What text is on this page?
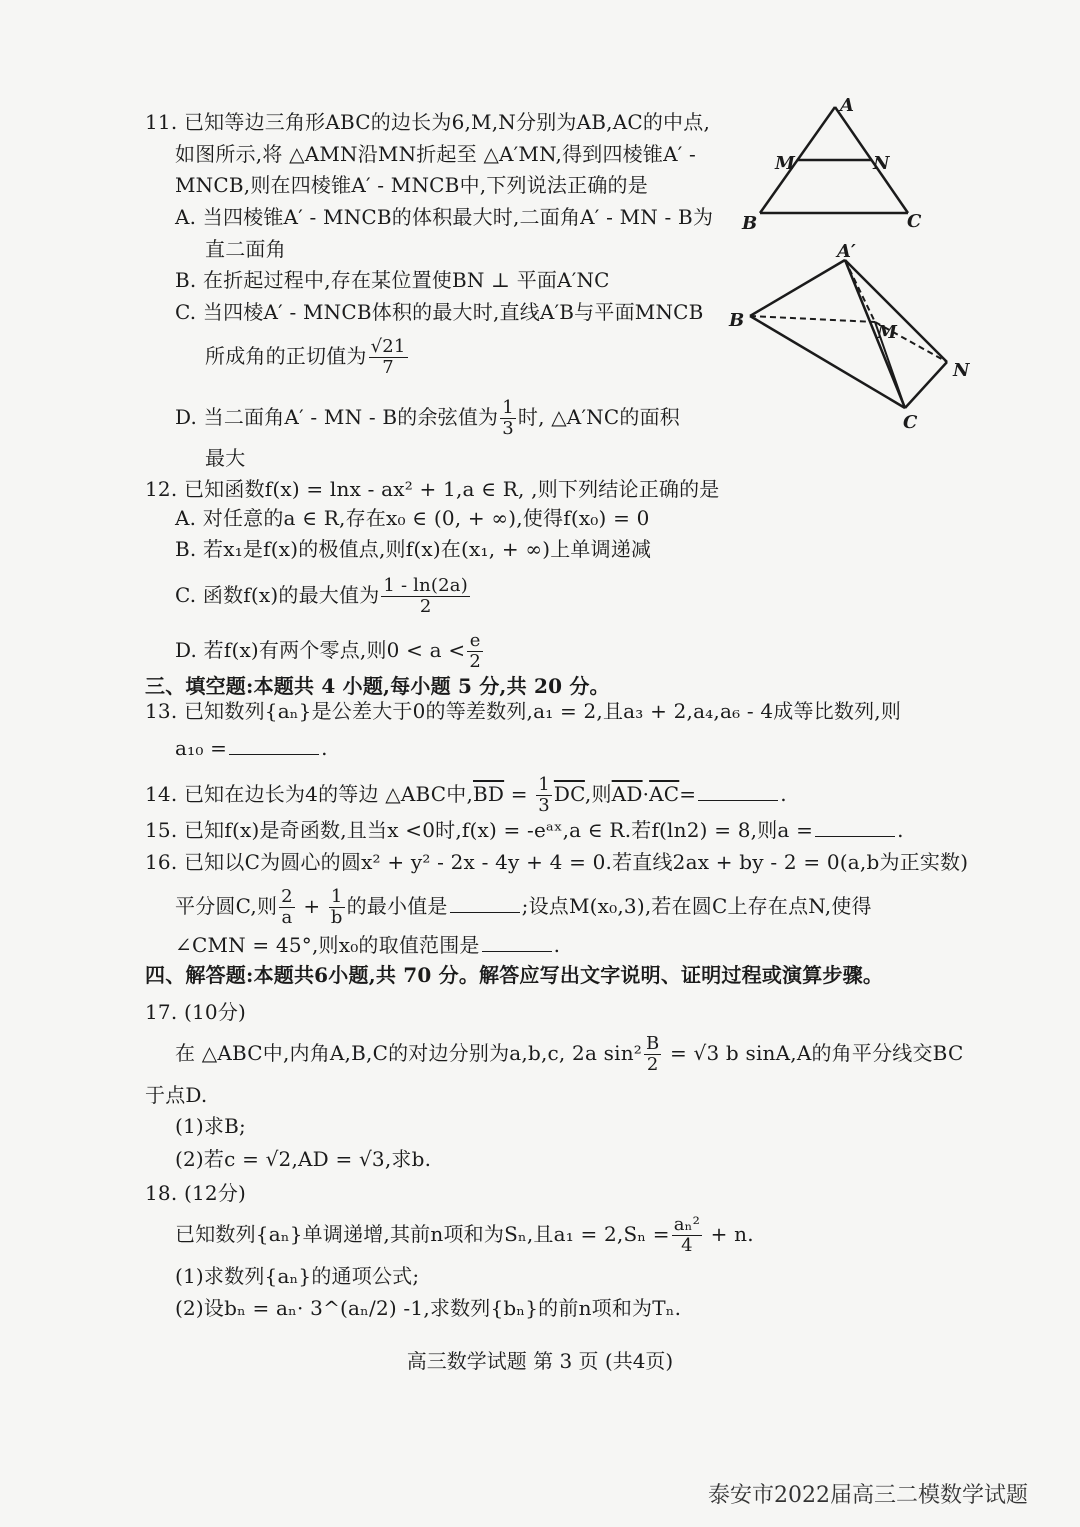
11. 已知等边三角形ABC的边长为6,M,N分别为AB,AC的中点,
如图所示,将 △AMN沿MN折起至 △A′MN,得到四棱锥A′ -
MNCB,则在四棱锥A′ - MNCB中,下列说法正确的是
A. 当四棱锥A′ - MNCB的体积最大时,二面角A′ - MN - B为
直二面角
B. 在折起过程中,存在某位置使BN ⊥ 平面A′NC
C. 当四棱A′ - MNCB体积的最大时,直线A′B与平面MNCB
所成角的正切值为 $\frac{√21}{7}$
D. 当二面角A′ - MN - B的余弦值为 $\frac{1}{3}$ 时, △A′NC的面积
最大
A
M	N
B	C
A′
B
M
N
C
12. 已知函数f(x) = lnx - ax² + 1,a ∈ R, ,则下列结论正确的是
A. 对任意的a ∈ R,存在x₀ ∈ (0, + ∞),使得f(x₀) = 0
B. 若x₁是f(x)的极值点,则f(x)在(x₁, + ∞)上单调递减
C. 函数f(x)的最大值为 $\frac{1 - \ln(2a)}{2}$
D. 若f(x)有两个零点,则$0 < a < \frac{e}{2}$
三、填空题:本题共 4 小题,每小题 5 分,共 20 分。
13. 已知数列{aₙ}是公差大于0的等差数列,a₁ = 2,且a₃ + 2,a₄,a₆ - 4成等比数列,则
a₁₀ =	.
14. 已知在边长为4的等边 △ABC中$,\overline{BD} = \frac{1}{3} \overline{DC}$,则$\overline{AD}\cdot\overline{AC}=$	.
15. 已知f(x)是奇函数,且当x <0时,f(x) = -eᵃˣ,a ∈ R.若f(ln2) = 8,则a =	.
16. 已知以C为圆心的圆x² + y² - 2x - 4y + 4 = 0.若直线2ax + by - 2 = 0(a,b为正实数)
平分圆C,则 $\frac{2}{a} + \frac{1}{b}$ 的最小值是	;设点M(x₀,3),若在圆C上存在点N,使得
∠CMN = 45°,则x₀的取值范围是	.
四、解答题:本题共6小题,共 70 分。解答应写出文字说明、证明过程或演算步骤。
17. (10分)
在 △ABC中,内角A,B,C的对边分别为a,b,c, 2a $\sin^2 \frac{B}{2} = √3$ b sinA,A的角平分线交BC
于点D.
(1)求B;
(2)若c = √2,AD = √3,求b.
18. (12分)
已知数列{aₙ}单调递增,其前n项和为Sₙ,且$a_1 = 2,S_n = \frac{\text{aₙ²}}{4} + n$.
(1)求数列{aₙ}的通项公式;
(2)设bₙ = aₙ· 3^(aₙ/2) -1,求数列{bₙ}的前n项和为Tₙ.
高三数学试题 第 3 页 (共4页)
泰安市2022届高三二模数学试题
